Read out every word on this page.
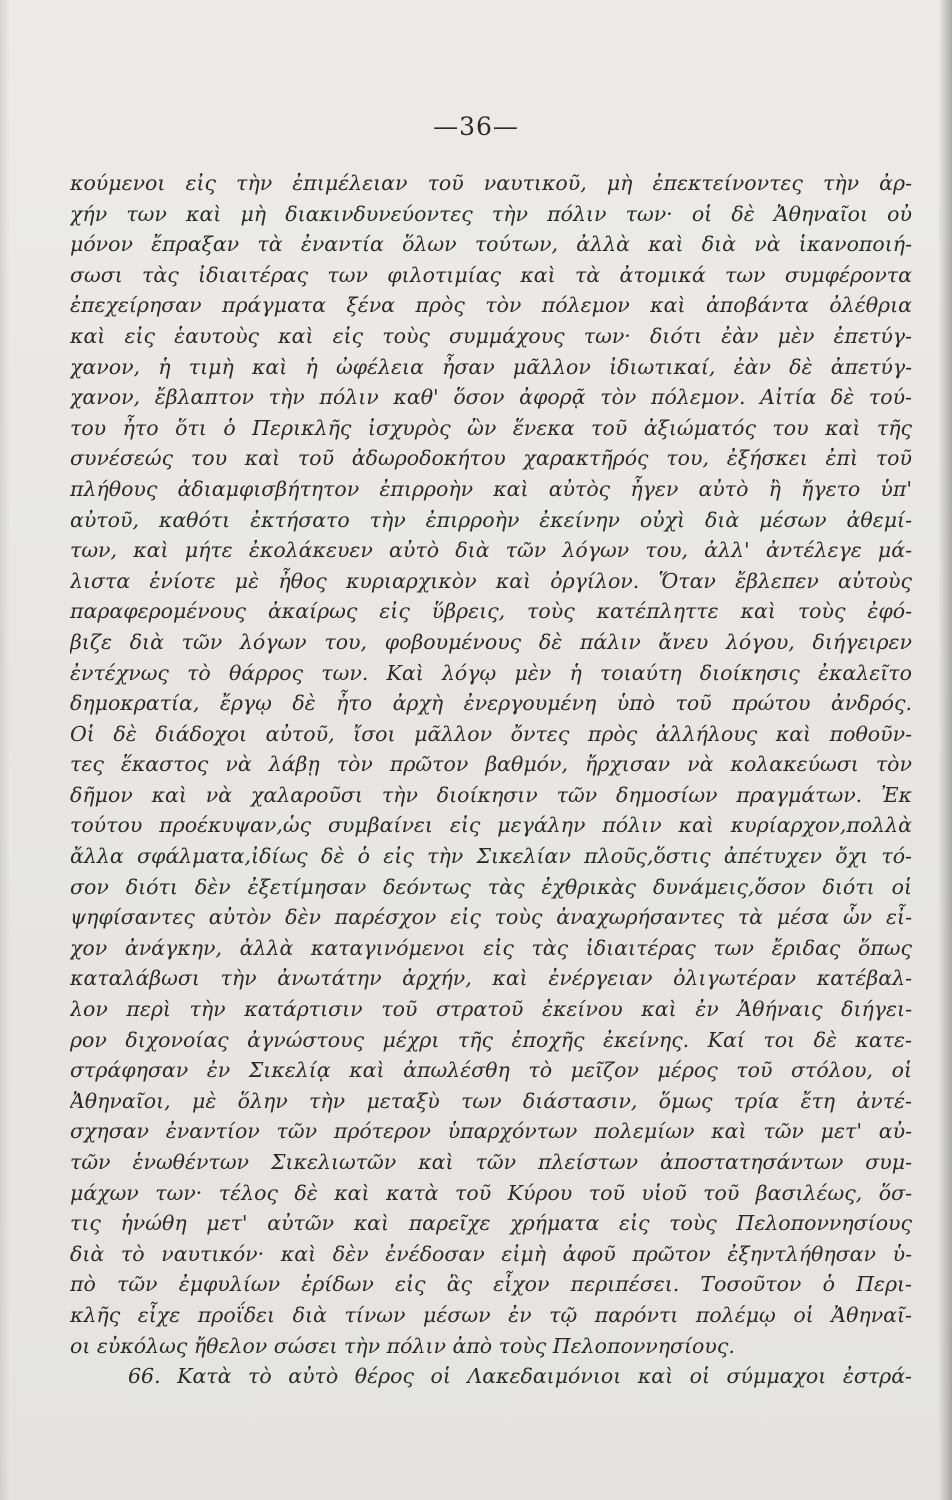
—36—
κούμενοι εἰς τὴν ἐπιμέλειαν τοῦ ναυτικοῦ, μὴ ἐπεκτείνοντες τὴν ἀρ-
χήν των καὶ μὴ διακινδυνεύοντες τὴν πόλιν των· οἱ δὲ Ἀθηναῖοι οὐ
μόνον ἔπραξαν τὰ ἐναντία ὅλων τούτων, ἀλλὰ καὶ διὰ νὰ ἱκανοποιή-
σωσι τὰς ἰδιαιτέρας των φιλοτιμίας καὶ τὰ ἀτομικά των συμφέροντα
ἐπεχείρησαν πράγματα ξένα πρὸς τὸν πόλεμον καὶ ἀποβάντα ὀλέθρια
καὶ εἰς ἑαυτοὺς καὶ εἰς τοὺς συμμάχους των· διότι ἐὰν μὲν ἐπετύγ-
χανον, ἡ τιμὴ καὶ ἡ ὠφέλεια ἦσαν μᾶλλον ἰδιωτικαί, ἐὰν δὲ ἀπετύγ-
χανον, ἔβλαπτον τὴν πόλιν καθ' ὅσον ἀφορᾷ τὸν πόλεμον. Αἰτία δὲ τού-
του ἦτο ὅτι ὁ Περικλῆς ἰσχυρὸς ὢν ἕνεκα τοῦ ἀξιώματός του καὶ τῆς
συνέσεώς του καὶ τοῦ ἀδωροδοκήτου χαρακτῆρός του, ἐξήσκει ἐπὶ τοῦ
πλήθους ἀδιαμφισβήτητον ἐπιρροὴν καὶ αὐτὸς ἦγεν αὐτὸ ἢ ἤγετο ὑπ'
αὐτοῦ, καθότι ἐκτήσατο τὴν ἐπιρροὴν ἐκείνην οὐχὶ διὰ μέσων ἀθεμί-
των, καὶ μήτε ἐκολάκευεν αὐτὸ διὰ τῶν λόγων του, ἀλλ' ἀντέλεγε μά-
λιστα ἐνίοτε μὲ ἦθος κυριαρχικὸν καὶ ὀργίλον. Ὅταν ἔβλεπεν αὐτοὺς
παραφερομένους ἀκαίρως εἰς ὕβρεις, τοὺς κατέπληττε καὶ τοὺς ἐφό-
βιζε διὰ τῶν λόγων του, φοβουμένους δὲ πάλιν ἄνευ λόγου, διήγειρεν
ἐντέχνως τὸ θάρρος των. Καὶ λόγῳ μὲν ἡ τοιαύτη διοίκησις ἐκαλεῖτο
δημοκρατία, ἔργῳ δὲ ἦτο ἀρχὴ ἐνεργουμένη ὑπὸ τοῦ πρώτου ἀνδρός.
Οἱ δὲ διάδοχοι αὐτοῦ, ἴσοι μᾶλλον ὄντες πρὸς ἀλλήλους καὶ ποθοῦν-
τες ἕκαστος νὰ λάβῃ τὸν πρῶτον βαθμόν, ἤρχισαν νὰ κολακεύωσι τὸν
δῆμον καὶ νὰ χαλαροῦσι τὴν διοίκησιν τῶν δημοσίων πραγμάτων. Ἐκ
τούτου προέκυψαν,ὡς συμβαίνει εἰς μεγάλην πόλιν καὶ κυρίαρχον,πολλὰ
ἄλλα σφάλματα,ἰδίως δὲ ὁ εἰς τὴν Σικελίαν πλοῦς,ὅστις ἀπέτυχεν ὄχι τό-
σον διότι δὲν ἐξετίμησαν δεόντως τὰς ἐχθρικὰς δυνάμεις,ὅσον διότι οἱ
ψηφίσαντες αὐτὸν δὲν παρέσχον εἰς τοὺς ἀναχωρήσαντες τὰ μέσα ὧν εἶ-
χον ἀνάγκην, ἀλλὰ καταγινόμενοι εἰς τὰς ἰδιαιτέρας των ἔριδας ὅπως
καταλάβωσι τὴν ἀνωτάτην ἀρχήν, καὶ ἐνέργειαν ὀλιγωτέραν κατέβαλ-
λον περὶ τὴν κατάρτισιν τοῦ στρατοῦ ἐκείνου καὶ ἐν Ἀθήναις διήγει-
ρον διχονοίας ἀγνώστους μέχρι τῆς ἐποχῆς ἐκείνης. Καί τοι δὲ κατε-
στράφησαν ἐν Σικελίᾳ καὶ ἀπωλέσθη τὸ μεῖζον μέρος τοῦ στόλου, οἱ
Ἀθηναῖοι, μὲ ὅλην τὴν μεταξὺ των διάστασιν, ὅμως τρία ἔτη ἀντέ-
σχησαν ἐναντίον τῶν πρότερον ὑπαρχόντων πολεμίων καὶ τῶν μετ' αὐ-
τῶν ἑνωθέντων Σικελιωτῶν καὶ τῶν πλείστων ἀποστατησάντων συμ-
μάχων των· τέλος δὲ καὶ κατὰ τοῦ Κύρου τοῦ υἱοῦ τοῦ βασιλέως, ὅσ-
τις ἡνώθη μετ' αὐτῶν καὶ παρεῖχε χρήματα εἰς τοὺς Πελοποννησίους
διὰ τὸ ναυτικόν· καὶ δὲν ἐνέδοσαν εἰμὴ ἀφοῦ πρῶτον ἐξηντλήθησαν ὑ-
πὸ τῶν ἐμφυλίων ἐρίδων εἰς ἃς εἶχον περιπέσει. Τοσοῦτον ὁ Περι-
κλῆς εἶχε προΐδει διὰ τίνων μέσων ἐν τῷ παρόντι πολέμῳ οἱ Ἀθηναῖ-
οι εὐκόλως ἤθελον σώσει τὴν πόλιν ἀπὸ τοὺς Πελοποννησίους.
66. Κατὰ τὸ αὐτὸ θέρος οἱ Λακεδαιμόνιοι καὶ οἱ σύμμαχοι ἐστρά-
